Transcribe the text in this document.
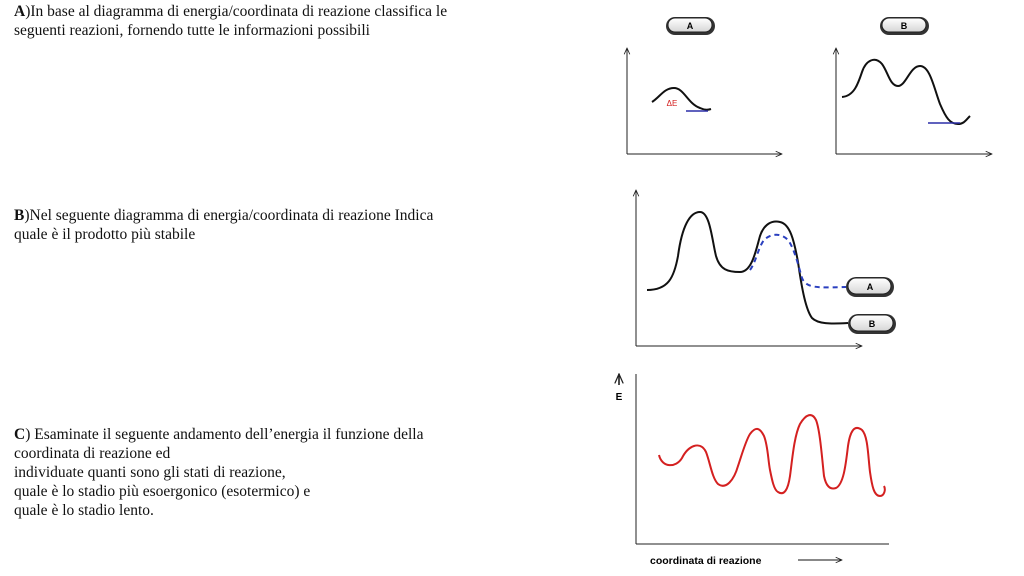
A)In base al diagramma di energia/coordinata di reazione classifica le
seguenti reazioni, fornendo tutte le informazioni possibili
B)Nel seguente diagramma di energia/coordinata di reazione Indica
quale è il prodotto più stabile
C) Esaminate il seguente andamento dell’energia il funzione della
coordinata di reazione ed
individuate quanti sono gli stati di reazione,
quale è lo stadio più esoergonico (esotermico) e
quale è lo stadio lento.
A
ΔE
B
A
B
E
coordinata di reazione
